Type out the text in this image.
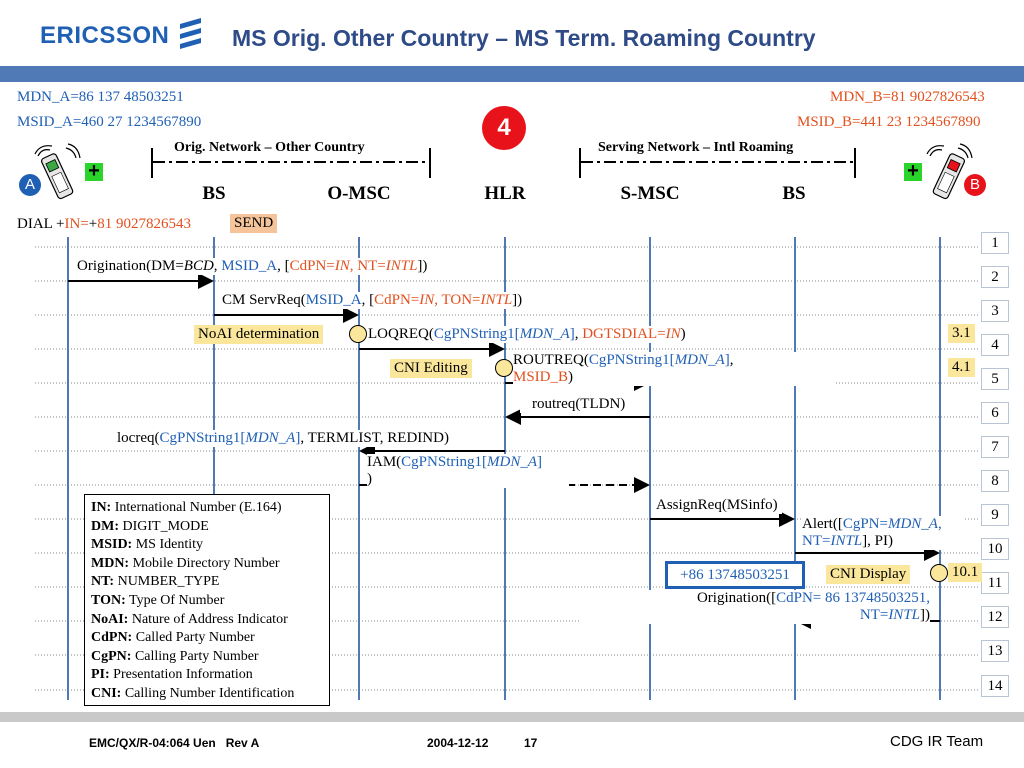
ERICSSON	MS Orig. Other Country – MS Term. Roaming Country
MDN_A=86 137 48503251
MSID_A=460 27 1234567890
MDN_B=81 9027826543
MSID_B=441 23 1234567890
4
Orig. Network – Other Country	Serving Network – Intl Roaming
A
+
B
+
BS	O-MSC	HLR	S-MSC	BS
DIAL +IN=+81 9027826543	SEND
1
2
3
4
5
6
7
8
9
10
11
12
13
14
3.1
4.1
10.1
Origination(DM=BCD, MSID_A, [CdPN=IN, NT=INTL])
CM ServReq(MSID_A, [CdPN=IN, TON=INTL])
NoAI determination	LOQREQ(CgPNString1[MDN_A], DGTSDIAL=IN)
CNI Editing	ROUTREQ(CgPNString1[MDN_A],
MSID_B)
routreq(TLDN)
locreq(CgPNString1[MDN_A], TERMLIST, REDIND)
IAM(CgPNString1[MDN_A]
)
AssignReq(MSinfo)
Alert([CgPN=MDN_A,
NT=INTL], PI)
+86 13748503251	CNI Display
Origination([CdPN= 86 13748503251,
NT=INTL])
IN: International Number (E.164)
DM: DIGIT_MODE
MSID: MS Identity
MDN: Mobile Directory Number
NT: NUMBER_TYPE
TON: Type Of Number
NoAI: Nature of Address Indicator
CdPN: Called Party Number
CgPN: Calling Party Number
PI: Presentation Information
CNI: Calling Number Identification
EMC/QX/R-04:064 Uen   Rev A	2004-12-12	17	CDG IR Team
